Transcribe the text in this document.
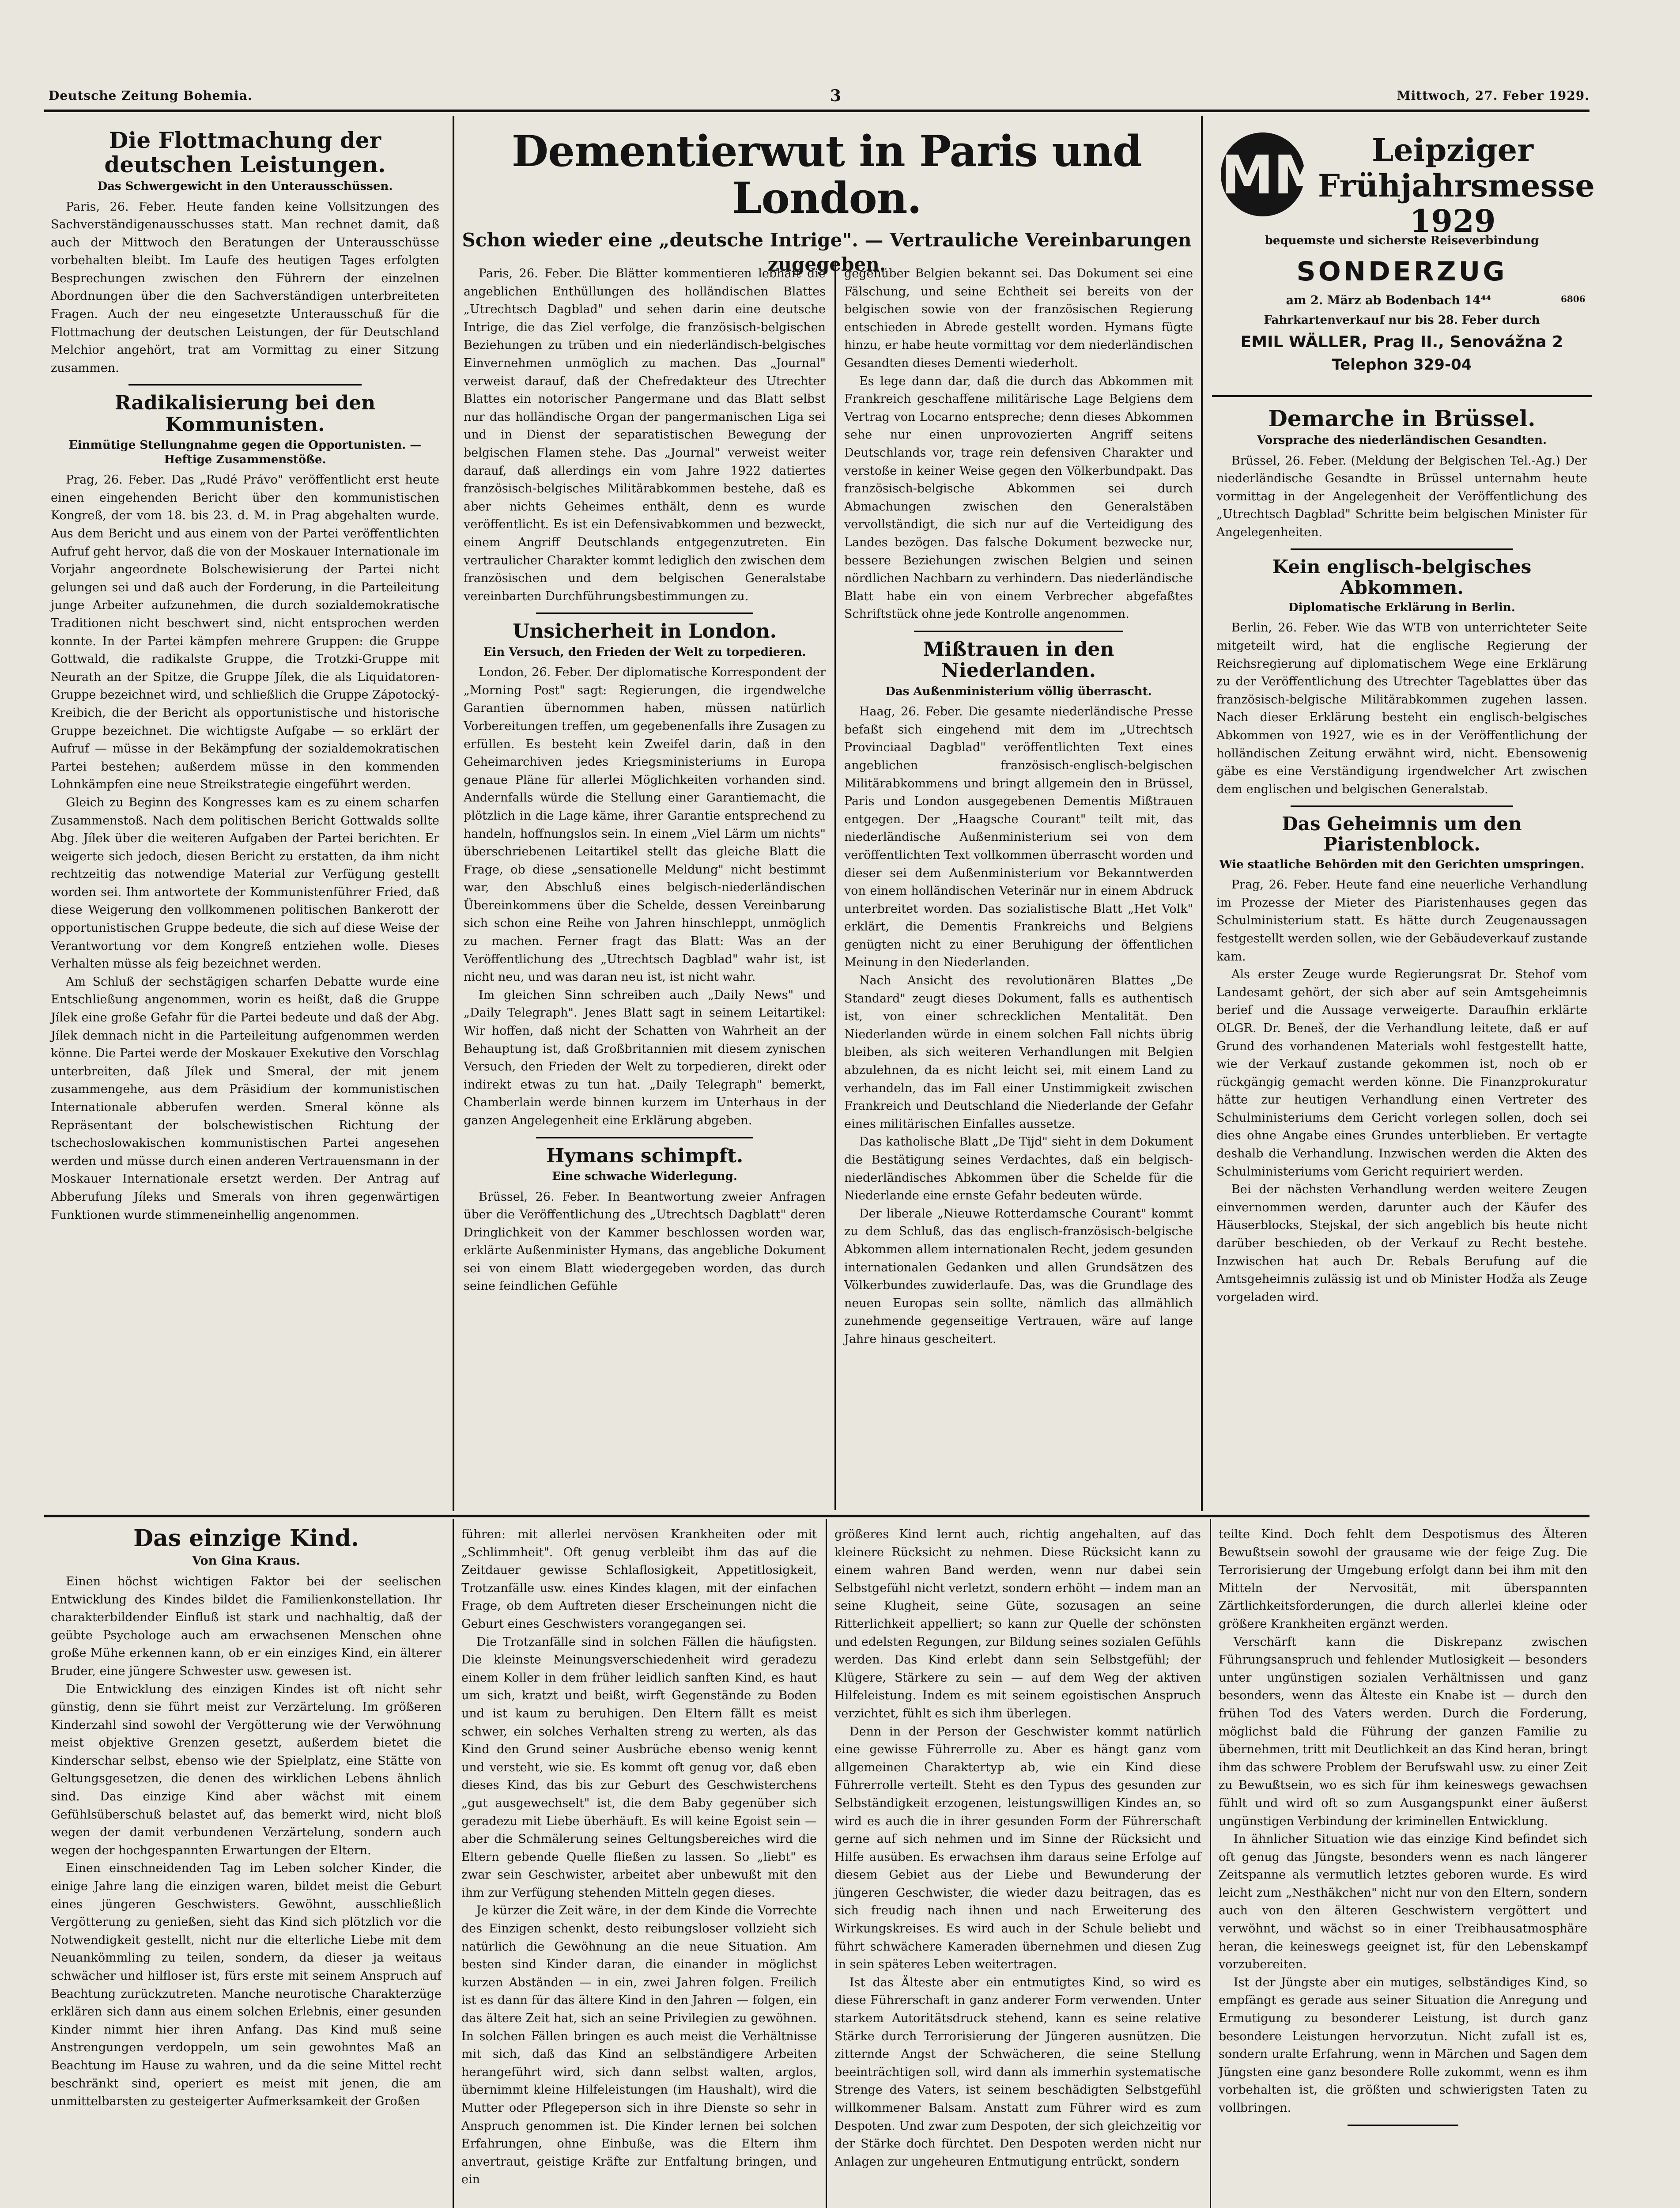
Deutsche Zeitung Bohemia.	3	Mittwoch, 27. Feber 1929.
Die Flottmachung der deutschen Leistungen.
Das Schwergewicht in den Unterausschüssen.

Paris, 26. Feber. Heute fanden keine Vollsitzungen des Sachverständigenausschusses statt. Man rechnet damit, daß auch der Mittwoch den Beratungen der Unterausschüsse vorbehalten bleibt. Im Laufe des heutigen Tages erfolgten Besprechungen zwischen den Führern der einzelnen Abordnungen über die den Sachverständigen unterbreiteten Fragen. Auch der neu eingesetzte Unterausschuß für die Flottmachung der deutschen Leistungen, der für Deutschland Melchior angehört, trat am Vormittag zu einer Sitzung zusammen.

Radikalisierung bei den Kommunisten.
Einmütige Stellungnahme gegen die Opportunisten. — Heftige Zusammenstöße.

Prag, 26. Feber. Das „Rudé Právo" veröffentlicht erst heute einen eingehenden Bericht über den kommunistischen Kongreß, der vom 18. bis 23. d. M. in Prag abgehalten wurde. Aus dem Bericht und aus einem von der Partei veröffentlichten Aufruf geht hervor, daß die von der Moskauer Internationale im Vorjahr angeordnete Bolschewisierung der Partei nicht gelungen sei und daß auch der Forderung, in die Parteileitung junge Arbeiter aufzunehmen, die durch sozialdemokratische Traditionen nicht beschwert sind, nicht entsprochen werden konnte. In der Partei kämpfen mehrere Gruppen: die Gruppe Gottwald, die radikalste Gruppe, die Trotzki-Gruppe mit Neurath an der Spitze, die Gruppe Jílek, die als Liquidatoren-Gruppe bezeichnet wird, und schließlich die Gruppe Zápotocký-Kreibich, die der Bericht als opportunistische und historische Gruppe bezeichnet. Die wichtigste Aufgabe — so erklärt der Aufruf — müsse in der Bekämpfung der sozialdemokratischen Partei bestehen; außerdem müsse in den kommenden Lohnkämpfen eine neue Streikstrategie eingeführt werden.

Gleich zu Beginn des Kongresses kam es zu einem scharfen Zusammenstoß. Nach dem politischen Bericht Gottwalds sollte Abg. Jílek über die weiteren Aufgaben der Partei berichten. Er weigerte sich jedoch, diesen Bericht zu erstatten, da ihm nicht rechtzeitig das notwendige Material zur Verfügung gestellt worden sei. Ihm antwortete der Kommunistenführer Fried, daß diese Weigerung den vollkommenen politischen Bankerott der opportunistischen Gruppe bedeute, die sich auf diese Weise der Verantwortung vor dem Kongreß entziehen wolle. Dieses Verhalten müsse als feig bezeichnet werden.

Am Schluß der sechstägigen scharfen Debatte wurde eine Entschließung angenommen, worin es heißt, daß die Gruppe Jílek eine große Gefahr für die Partei bedeute und daß der Abg. Jílek demnach nicht in die Parteileitung aufgenommen werden könne. Die Partei werde der Moskauer Exekutive den Vorschlag unterbreiten, daß Jílek und Smeral, der mit jenem zusammengehe, aus dem Präsidium der kommunistischen Internationale abberufen werden. Smeral könne als Repräsentant der bolschewistischen Richtung der tschechoslowakischen kommunistischen Partei angesehen werden und müsse durch einen anderen Vertrauensmann in der Moskauer Internationale ersetzt werden. Der Antrag auf Abberufung Jíleks und Smerals von ihren gegenwärtigen Funktionen wurde stimmeneinhellig angenommen.

Dementierwut in Paris und London.
Schon wieder eine „deutsche Intrige". — Vertrauliche Vereinbarungen zugegeben.

Paris, 26. Feber. Die Blätter kommentieren lebhaft die angeblichen Enthüllungen des holländischen Blattes „Utrechtsch Dagblad" und sehen darin eine deutsche Intrige, die das Ziel verfolge, die französisch-belgischen Beziehungen zu trüben und ein niederländisch-belgisches Einvernehmen unmöglich zu machen. Das „Journal" verweist darauf, daß der Chefredakteur des Utrechter Blattes ein notorischer Pangermane und das Blatt selbst nur das holländische Organ der pangermanischen Liga sei und in Dienst der separatistischen Bewegung der belgischen Flamen stehe. Das „Journal" verweist weiter darauf, daß allerdings ein vom Jahre 1922 datiertes französisch-belgisches Militärabkommen bestehe, daß es aber nichts Geheimes enthält, denn es wurde veröffentlicht. Es ist ein Defensivabkommen und bezweckt, einem Angriff Deutschlands entgegenzutreten. Ein vertraulicher Charakter kommt lediglich den zwischen dem französischen und dem belgischen Generalstabe vereinbarten Durchführungsbestimmungen zu.

Unsicherheit in London.
Ein Versuch, den Frieden der Welt zu torpedieren.

London, 26. Feber. Der diplomatische Korrespondent der „Morning Post" sagt: Regierungen, die irgendwelche Garantien übernommen haben, müssen natürlich Vorbereitungen treffen, um gegebenenfalls ihre Zusagen zu erfüllen. Es besteht kein Zweifel darin, daß in den Geheimarchiven jedes Kriegsministeriums in Europa genaue Pläne für allerlei Möglichkeiten vorhanden sind. Andernfalls würde die Stellung einer Garantiemacht, die plötzlich in die Lage käme, ihrer Garantie entsprechend zu handeln, hoffnungslos sein. In einem „Viel Lärm um nichts" überschriebenen Leitartikel stellt das gleiche Blatt die Frage, ob diese „sensationelle Meldung" nicht bestimmt war, den Abschluß eines belgisch-niederländischen Übereinkommens über die Schelde, dessen Vereinbarung sich schon eine Reihe von Jahren hinschleppt, unmöglich zu machen. Ferner fragt das Blatt: Was an der Veröffentlichung des „Utrechtsch Dagblad" wahr ist, ist nicht neu, und was daran neu ist, ist nicht wahr.

Im gleichen Sinn schreiben auch „Daily News" und „Daily Telegraph". Jenes Blatt sagt in seinem Leitartikel: Wir hoffen, daß nicht der Schatten von Wahrheit an der Behauptung ist, daß Großbritannien mit diesem zynischen Versuch, den Frieden der Welt zu torpedieren, direkt oder indirekt etwas zu tun hat. „Daily Telegraph" bemerkt, Chamberlain werde binnen kurzem im Unterhaus in der ganzen Angelegenheit eine Erklärung abgeben.

Hymans schimpft.
Eine schwache Widerlegung.

Brüssel, 26. Feber. In Beantwortung zweier Anfragen über die Veröffentlichung des „Utrechtsch Dagblatt" deren Dringlichkeit von der Kammer beschlossen worden war, erklärte Außenminister Hymans, das angebliche Dokument sei von einem Blatt wiedergegeben worden, das durch seine feindlichen Gefühle

gegenüber Belgien bekannt sei. Das Dokument sei eine Fälschung, und seine Echtheit sei bereits von der belgischen sowie von der französischen Regierung entschieden in Abrede gestellt worden. Hymans fügte hinzu, er habe heute vormittag vor dem niederländischen Gesandten dieses Dementi wiederholt.

Es lege dann dar, daß die durch das Abkommen mit Frankreich geschaffene militärische Lage Belgiens dem Vertrag von Locarno entspreche; denn dieses Abkommen sehe nur einen unprovozierten Angriff seitens Deutschlands vor, trage rein defensiven Charakter und verstoße in keiner Weise gegen den Völkerbundpakt. Das französisch-belgische Abkommen sei durch Abmachungen zwischen den Generalstäben vervollständigt, die sich nur auf die Verteidigung des Landes bezögen. Das falsche Dokument bezwecke nur, bessere Beziehungen zwischen Belgien und seinen nördlichen Nachbarn zu verhindern. Das niederländische Blatt habe ein von einem Verbrecher abgefaßtes Schriftstück ohne jede Kontrolle angenommen.

Mißtrauen in den Niederlanden.
Das Außenministerium völlig überrascht.

Haag, 26. Feber. Die gesamte niederländische Presse befaßt sich eingehend mit dem im „Utrechtsch Provinciaal Dagblad" veröffentlichten Text eines angeblichen französisch-englisch-belgischen Militärabkommens und bringt allgemein den in Brüssel, Paris und London ausgegebenen Dementis Mißtrauen entgegen. Der „Haagsche Courant" teilt mit, das niederländische Außenministerium sei von dem veröffentlichten Text vollkommen überrascht worden und dieser sei dem Außenministerium vor Bekanntwerden von einem holländischen Veterinär nur in einem Abdruck unterbreitet worden. Das sozialistische Blatt „Het Volk" erklärt, die Dementis Frankreichs und Belgiens genügten nicht zu einer Beruhigung der öffentlichen Meinung in den Niederlanden.

Nach Ansicht des revolutionären Blattes „De Standard" zeugt dieses Dokument, falls es authentisch ist, von einer schrecklichen Mentalität. Den Niederlanden würde in einem solchen Fall nichts übrig bleiben, als sich weiteren Verhandlungen mit Belgien abzulehnen, da es nicht leicht sei, mit einem Land zu verhandeln, das im Fall einer Unstimmigkeit zwischen Frankreich und Deutschland die Niederlande der Gefahr eines militärischen Einfalles aussetze.

Das katholische Blatt „De Tijd" sieht in dem Dokument die Bestätigung seines Verdachtes, daß ein belgisch-niederländisches Abkommen über die Schelde für die Niederlande eine ernste Gefahr bedeuten würde.

Der liberale „Nieuwe Rotterdamsche Courant" kommt zu dem Schluß, das das englisch-französisch-belgische Abkommen allem internationalen Recht, jedem gesunden internationalen Gedanken und allen Grundsätzen des Völkerbundes zuwiderlaufe. Das, was die Grundlage des neuen Europas sein sollte, nämlich das allmählich zunehmende gegenseitige Vertrauen, wäre auf lange Jahre hinaus gescheitert.

MM	Leipziger Frühjahrsmesse 1929
bequemste und sicherste Reiseverbindung
SONDERZUG
am 2. März ab Bodenbach 14⁴⁴	6806
Fahrkartenverkauf nur bis 28. Feber durch
EMIL WÄLLER, Prag II., Senovážna 2
Telephon 329-04
Demarche in Brüssel.
Vorsprache des niederländischen Gesandten.

Brüssel, 26. Feber. (Meldung der Belgischen Tel.-Ag.) Der niederländische Gesandte in Brüssel unternahm heute vormittag in der Angelegenheit der Veröffentlichung des „Utrechtsch Dagblad" Schritte beim belgischen Minister für Angelegenheiten.

Kein englisch-belgisches Abkommen.
Diplomatische Erklärung in Berlin.

Berlin, 26. Feber. Wie das WTB von unterrichteter Seite mitgeteilt wird, hat die englische Regierung der Reichsregierung auf diplomatischem Wege eine Erklärung zu der Veröffentlichung des Utrechter Tageblattes über das französisch-belgische Militärabkommen zugehen lassen. Nach dieser Erklärung besteht ein englisch-belgisches Abkommen von 1927, wie es in der Veröffentlichung der holländischen Zeitung erwähnt wird, nicht. Ebensowenig gäbe es eine Verständigung irgendwelcher Art zwischen dem englischen und belgischen Generalstab.

Das Geheimnis um den Piaristenblock.
Wie staatliche Behörden mit den Gerichten umspringen.

Prag, 26. Feber. Heute fand eine neuerliche Verhandlung im Prozesse der Mieter des Piaristenhauses gegen das Schulministerium statt. Es hätte durch Zeugenaussagen festgestellt werden sollen, wie der Gebäudeverkauf zustande kam.

Als erster Zeuge wurde Regierungsrat Dr. Stehof vom Landesamt gehört, der sich aber auf sein Amtsgeheimnis berief und die Aussage verweigerte. Daraufhin erklärte OLGR. Dr. Beneš, der die Verhandlung leitete, daß er auf Grund des vorhandenen Materials wohl festgestellt hatte, wie der Verkauf zustande gekommen ist, noch ob er rückgängig gemacht werden könne. Die Finanzprokuratur hätte zur heutigen Verhandlung einen Vertreter des Schulministeriums dem Gericht vorlegen sollen, doch sei dies ohne Angabe eines Grundes unterblieben. Er vertagte deshalb die Verhandlung. Inzwischen werden die Akten des Schulministeriums vom Gericht requiriert werden.

Bei der nächsten Verhandlung werden weitere Zeugen einvernommen werden, darunter auch der Käufer des Häuserblocks, Stejskal, der sich angeblich bis heute nicht darüber beschieden, ob der Verkauf zu Recht bestehe. Inzwischen hat auch Dr. Rebals Berufung auf die Amtsgeheimnis zulässig ist und ob Minister Hodža als Zeuge vorgeladen wird.

Das einzige Kind.
Von Gina Kraus.

Einen höchst wichtigen Faktor bei der seelischen Entwicklung des Kindes bildet die Familienkonstellation. Ihr charakterbildender Einfluß ist stark und nachhaltig, daß der geübte Psychologe auch am erwachsenen Menschen ohne große Mühe erkennen kann, ob er ein einziges Kind, ein älterer Bruder, eine jüngere Schwester usw. gewesen ist.

Die Entwicklung des einzigen Kindes ist oft nicht sehr günstig, denn sie führt meist zur Verzärtelung. Im größeren Kinderzahl sind sowohl der Vergötterung wie der Verwöhnung meist objektive Grenzen gesetzt, außerdem bietet die Kinderschar selbst, ebenso wie der Spielplatz, eine Stätte von Geltungsgesetzen, die denen des wirklichen Lebens ähnlich sind. Das einzige Kind aber wächst mit einem Gefühlsüberschuß belastet auf, das bemerkt wird, nicht bloß wegen der damit verbundenen Verzärtelung, sondern auch wegen der hochgespannten Erwartungen der Eltern.

Einen einschneidenden Tag im Leben solcher Kinder, die einige Jahre lang die einzigen waren, bildet meist die Geburt eines jüngeren Geschwisters. Gewöhnt, ausschließlich Vergötterung zu genießen, sieht das Kind sich plötzlich vor die Notwendigkeit gestellt, nicht nur die elterliche Liebe mit dem Neuankömmling zu teilen, sondern, da dieser ja weitaus schwächer und hilfloser ist, fürs erste mit seinem Anspruch auf Beachtung zurückzutreten. Manche neurotische Charakterzüge erklären sich dann aus einem solchen Erlebnis, einer gesunden Kinder nimmt hier ihren Anfang. Das Kind muß seine Anstrengungen verdoppeln, um sein gewohntes Maß an Beachtung im Hause zu wahren, und da die seine Mittel recht beschränkt sind, operiert es meist mit jenen, die am unmittelbarsten zu gesteigerter Aufmerksamkeit der Großen

führen: mit allerlei nervösen Krankheiten oder mit „Schlimmheit". Oft genug verbleibt ihm das auf die Zeitdauer gewisse Schlaflosigkeit, Appetitlosigkeit, Trotzanfälle usw. eines Kindes klagen, mit der einfachen Frage, ob dem Auftreten dieser Erscheinungen nicht die Geburt eines Geschwisters vorangegangen sei.

Die Trotzanfälle sind in solchen Fällen die häufigsten. Die kleinste Meinungsverschiedenheit wird geradezu einem Koller in dem früher leidlich sanften Kind, es haut um sich, kratzt und beißt, wirft Gegenstände zu Boden und ist kaum zu beruhigen. Den Eltern fällt es meist schwer, ein solches Verhalten streng zu werten, als das Kind den Grund seiner Ausbrüche ebenso wenig kennt und versteht, wie sie. Es kommt oft genug vor, daß eben dieses Kind, das bis zur Geburt des Geschwisterchens „gut ausgewechselt" ist, die dem Baby gegenüber sich geradezu mit Liebe überhäuft. Es will keine Egoist sein — aber die Schmälerung seines Geltungsbereiches wird die Eltern gebende Quelle fließen zu lassen. So „liebt" es zwar sein Geschwister, arbeitet aber unbewußt mit den ihm zur Verfügung stehenden Mitteln gegen dieses.

Je kürzer die Zeit wäre, in der dem Kinde die Vorrechte des Einzigen schenkt, desto reibungsloser vollzieht sich natürlich die Gewöhnung an die neue Situation. Am besten sind Kinder daran, die einander in möglichst kurzen Abständen — in ein, zwei Jahren folgen. Freilich ist es dann für das ältere Kind in den Jahren — folgen, ein das ältere Zeit hat, sich an seine Privilegien zu gewöhnen. In solchen Fällen bringen es auch meist die Verhältnisse mit sich, daß das Kind an selbständigere Arbeiten herangeführt wird, sich dann selbst walten, arglos, übernimmt kleine Hilfeleistungen (im Haushalt), wird die Mutter oder Pflegeperson sich in ihre Dienste so sehr in Anspruch genommen ist. Die Kinder lernen bei solchen Erfahrungen, ohne Einbuße, was die Eltern ihm anvertraut, geistige Kräfte zur Entfaltung bringen, und ein

größeres Kind lernt auch, richtig angehalten, auf das kleinere Rücksicht zu nehmen. Diese Rücksicht kann zu einem wahren Band werden, wenn nur dabei sein Selbstgefühl nicht verletzt, sondern erhöht — indem man an seine Klugheit, seine Güte, sozusagen an seine Ritterlichkeit appelliert; so kann zur Quelle der schönsten und edelsten Regungen, zur Bildung seines sozialen Gefühls werden. Das Kind erlebt dann sein Selbstgefühl; der Klügere, Stärkere zu sein — auf dem Weg der aktiven Hilfeleistung. Indem es mit seinem egoistischen Anspruch verzichtet, fühlt es sich ihm überlegen.

Denn in der Person der Geschwister kommt natürlich eine gewisse Führerrolle zu. Aber es hängt ganz vom allgemeinen Charaktertyp ab, wie ein Kind diese Führerrolle verteilt. Steht es den Typus des gesunden zur Selbständigkeit erzogenen, leistungswilligen Kindes an, so wird es auch die in ihrer gesunden Form der Führerschaft gerne auf sich nehmen und im Sinne der Rücksicht und Hilfe ausüben. Es erwachsen ihm daraus seine Erfolge auf diesem Gebiet aus der Liebe und Bewunderung der jüngeren Geschwister, die wieder dazu beitragen, das es sich freudig nach ihnen und nach Erweiterung des Wirkungskreises. Es wird auch in der Schule beliebt und führt schwächere Kameraden übernehmen und diesen Zug in sein späteres Leben weitertragen.

Ist das Älteste aber ein entmutigtes Kind, so wird es diese Führerschaft in ganz anderer Form verwenden. Unter starkem Autoritätsdruck stehend, kann es seine relative Stärke durch Terrorisierung der Jüngeren ausnützen. Die zitternde Angst der Schwächeren, die seine Stellung beeinträchtigen soll, wird dann als immerhin systematische Strenge des Vaters, ist seinem beschädigten Selbstgefühl willkommener Balsam. Anstatt zum Führer wird es zum Despoten. Und zwar zum Despoten, der sich gleichzeitig vor der Stärke doch fürchtet. Den Despoten werden nicht nur Anlagen zur ungeheuren Entmutigung entrückt, sondern

teilte Kind. Doch fehlt dem Despotismus des Älteren Bewußtsein sowohl der grausame wie der feige Zug. Die Terrorisierung der Umgebung erfolgt dann bei ihm mit den Mitteln der Nervosität, mit überspannten Zärtlichkeitsforderungen, die durch allerlei kleine oder größere Krankheiten ergänzt werden.

Verschärft kann die Diskrepanz zwischen Führungsanspruch und fehlender Mutlosigkeit — besonders unter ungünstigen sozialen Verhältnissen und ganz besonders, wenn das Älteste ein Knabe ist — durch den frühen Tod des Vaters werden. Durch die Forderung, möglichst bald die Führung der ganzen Familie zu übernehmen, tritt mit Deutlichkeit an das Kind heran, bringt ihm das schwere Problem der Berufswahl usw. zu einer Zeit zu Bewußtsein, wo es sich für ihm keineswegs gewachsen fühlt und wird oft so zum Ausgangspunkt einer äußerst ungünstigen Verbindung der kriminellen Entwicklung.

In ähnlicher Situation wie das einzige Kind befindet sich oft genug das Jüngste, besonders wenn es nach längerer Zeitspanne als vermutlich letztes geboren wurde. Es wird leicht zum „Nesthäkchen" nicht nur von den Eltern, sondern auch von den älteren Geschwistern vergöttert und verwöhnt, und wächst so in einer Treibhausatmosphäre heran, die keineswegs geeignet ist, für den Lebenskampf vorzubereiten.

Ist der Jüngste aber ein mutiges, selbständiges Kind, so empfängt es gerade aus seiner Situation die Anregung und Ermutigung zu besonderer Leistung, ist durch ganz besondere Leistungen hervorzutun. Nicht zufall ist es, sondern uralte Erfahrung, wenn in Märchen und Sagen dem Jüngsten eine ganz besondere Rolle zukommt, wenn es ihm vorbehalten ist, die größten und schwierigsten Taten zu vollbringen.
